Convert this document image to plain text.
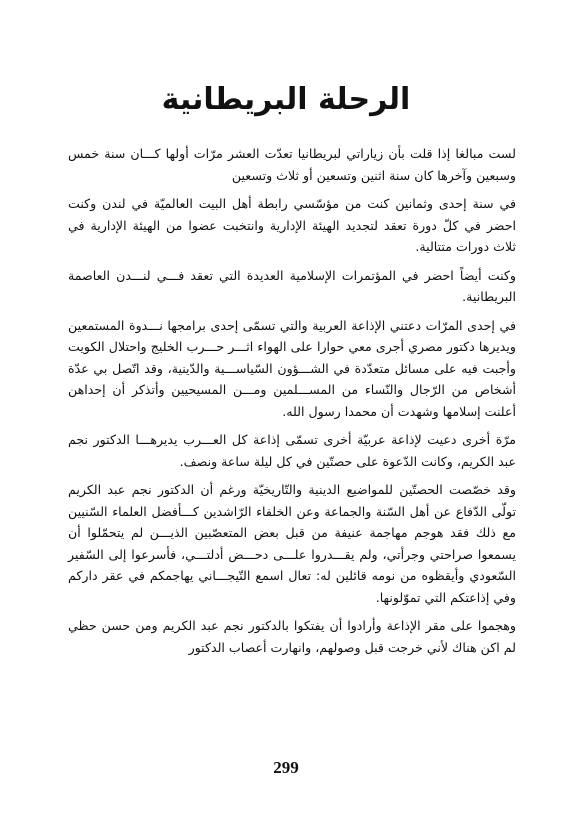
الرحلة البريطانية

لست مبالغا إذا قلت بأن زياراتي لبريطانيا تعدّت العشر مرّات أولها كـــان سنة خمس وسبعين وآخرها كان سنة اثنين وتسعين أو ثلاث وتسعين

في سنة إحدى وثمانين كنت من مؤسّسي رابطة أهل البيت العالميّة في لندن وكنت احضر في كلّ دورة تعقد لتجديد الهيئة الإدارية وانتخبت عضوا من الهيئة الإدارية في ثلاث دورات متتالية.

وكنت أيضاً احضر في المؤتمرات الإسلامية العديدة التي تعقد فـــي لنـــدن العاصمة البريطانية.

في إحدى المرّات دعتني الإذاعة العربية والتي تسمّى إحدى برامجها نـــدوة المستمعين ويديرها دكتور مصري أجرى معي حوارا على الهواء اثـــر حـــرب الخليج واحتلال الكويت وأجبت فيه على مسائل متعدّدة في الشـــؤون السّياســـية والدّينية، وقد اتّصل بي عدّة أشخاص من الرّجال والنّساء من المســـلمين ومـــن المسيحيين وأتذكر أن إحداهن أعلنت إسلامها وشهدت أن محمدا رسول الله.

مرّة أخرى دعيت لإذاعة عربيّة أخرى تسمّى إذاعة كل العـــرب يديرهـــا الدكتور نجم عبد الكريم، وكانت الدّعوة على حصتّين في كل ليلة ساعة ونصف.

وقد خصّصت الحصتّين للمواضيع الدينية والتّاريخيّة ورغم أن الدكتور نجم عبد الكريم تولّى الدّفاع عن أهل السّنة والجماعة وعن الخلفاء الرّاشدين كـــأفضل العلماء السّنيين مع ذلك فقد هوجم مهاجمة عنيفة من قبل بعض المتعصّبين الذيـــن لم يتحمّلوا أن يسمعوا صراحتي وجرأتي، ولم يقـــدروا علـــى دحـــض أدلتـــي، فأسرعوا إلى السّفير السّعودي وأيقظوه من نومه قائلين له: تعال اسمع التّيجـــاني يهاجمكم في عقر داركم وفي إذاعتكم التي تموّلونها.

وهجموا على مقر الإذاعة وأرادوا أن يفتكوا بالدكتور نجم عبد الكريم ومن حسن حظي لم اكن هناك لأني خرجت قبل وصولهم، وانهارت أعصاب الدكتور

299
